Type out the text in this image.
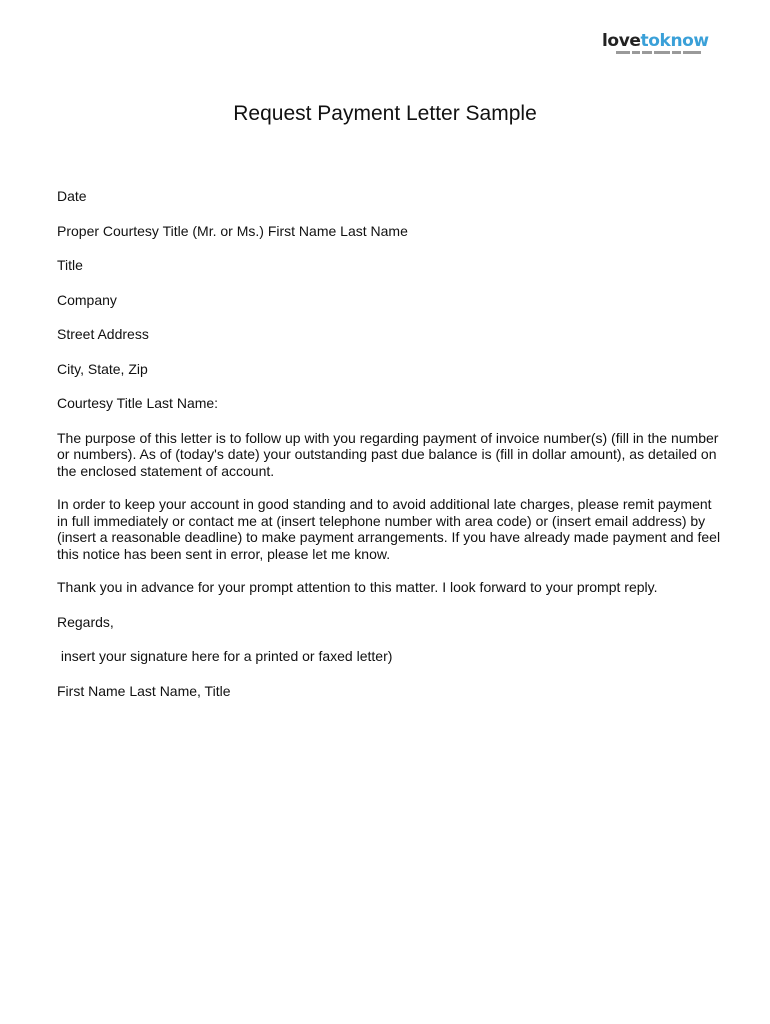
lovetoknow
Request Payment Letter Sample

Date

Proper Courtesy Title (Mr. or Ms.) First Name Last Name

Title

Company

Street Address

City, State, Zip

Courtesy Title Last Name:

The purpose of this letter is to follow up with you regarding payment of invoice number(s) (fill in the number or numbers). As of (today's date) your outstanding past due balance is (fill in dollar amount), as detailed on the enclosed statement of account.

In order to keep your account in good standing and to avoid additional late charges, please remit payment in full immediately or contact me at (insert telephone number with area code) or (insert email address) by (insert a reasonable deadline) to make payment arrangements. If you have already made payment and feel this notice has been sent in error, please let me know.

Thank you in advance for your prompt attention to this matter. I look forward to your prompt reply.

Regards,

insert your signature here for a printed or faxed letter)

First Name Last Name, Title
